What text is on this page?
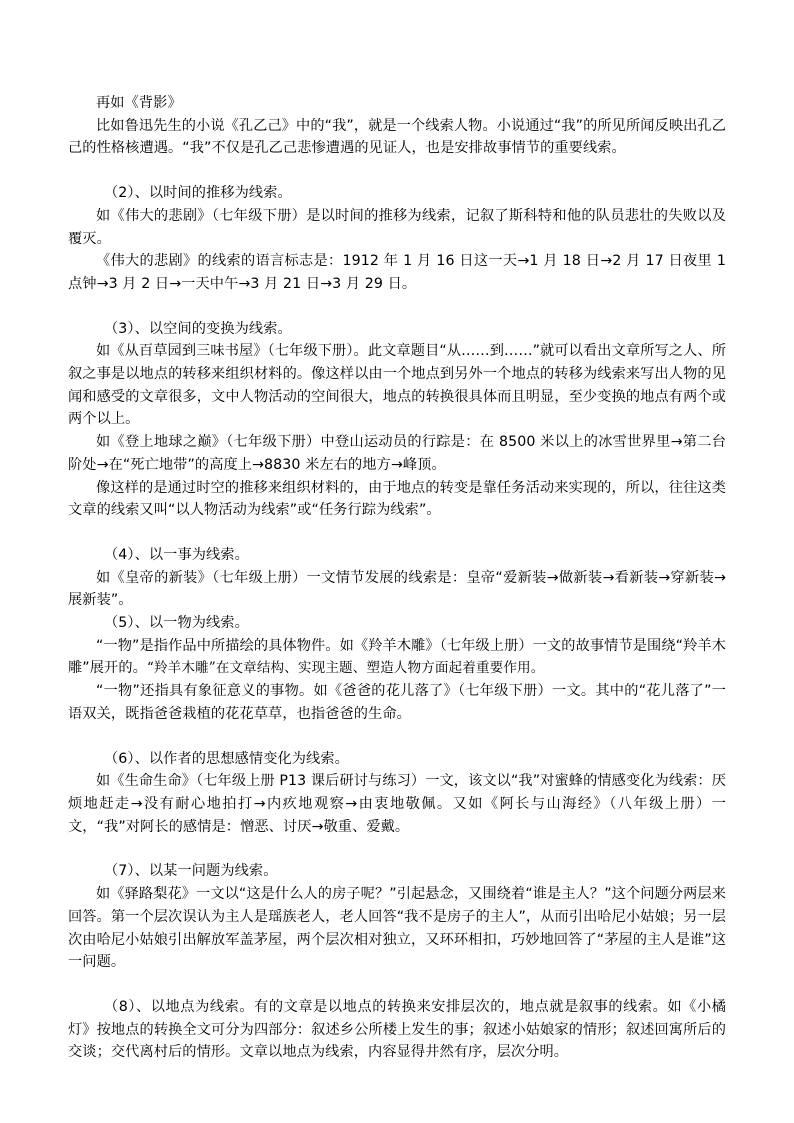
再如《背影》

比如鲁迅先生的小说《孔乙己》中的“我”，就是一个线索人物。小说通过“我”的所见所闻反映出孔乙己的性格核遭遇。“我”不仅是孔乙己悲惨遭遇的见证人，也是安排故事情节的重要线索。

（2）、以时间的推移为线索。

如《伟大的悲剧》（七年级下册）是以时间的推移为线索，记叙了斯科特和他的队员悲壮的失败以及覆灭。

《伟大的悲剧》的线索的语言标志是：1912 年 1 月 16 日这一天→1 月 18 日→2 月 17 日夜里 1 点钟→3 月 2 日→一天中午→3 月 21 日→3 月 29 日。

（3）、以空间的变换为线索。

如《从百草园到三味书屋》（七年级下册）。此文章题目“从……到……”就可以看出文章所写之人、所叙之事是以地点的转移来组织材料的。像这样以由一个地点到另外一个地点的转移为线索来写出人物的见闻和感受的文章很多，文中人物活动的空间很大，地点的转换很具体而且明显，至少变换的地点有两个或两个以上。

如《登上地球之巅》（七年级下册）中登山运动员的行踪是：在 8500 米以上的冰雪世界里→第二台阶处→在“死亡地带”的高度上→8830 米左右的地方→峰顶。

像这样的是通过时空的推移来组织材料的，由于地点的转变是靠任务活动来实现的，所以，往往这类文章的线索又叫“以人物活动为线索”或“任务行踪为线索”。

（4）、以一事为线索。

如《皇帝的新装》（七年级上册）一文情节发展的线索是：皇帝“爱新装→做新装→看新装→穿新装→展新装”。

（5）、以一物为线索。

“一物”是指作品中所描绘的具体物件。如《羚羊木雕》（七年级上册）一文的故事情节是围绕“羚羊木雕”展开的。“羚羊木雕”在文章结构、实现主题、塑造人物方面起着重要作用。

“一物”还指具有象征意义的事物。如《爸爸的花儿落了》（七年级下册）一文。其中的“花儿落了”一语双关，既指爸爸栽植的花花草草，也指爸爸的生命。

（6）、以作者的思想感情变化为线索。

如《生命生命》（七年级上册 P13 课后研讨与练习）一文，该文以“我”对蜜蜂的情感变化为线索：厌烦地赶走→没有耐心地拍打→内疚地观察→由衷地敬佩。又如《阿长与山海经》（八年级上册）一文，“我”对阿长的感情是：憎恶、讨厌→敬重、爱戴。

（7）、以某一问题为线索。

如《驿路梨花》一文以“这是什么人的房子呢？”引起悬念，又围绕着“谁是主人？”这个问题分两层来回答。第一个层次误认为主人是瑶族老人，老人回答“我不是房子的主人”，从而引出哈尼小姑娘；另一层次由哈尼小姑娘引出解放军盖茅屋，两个层次相对独立，又环环相扣，巧妙地回答了“茅屋的主人是谁”这一问题。

（8）、以地点为线索。有的文章是以地点的转换来安排层次的，地点就是叙事的线索。如《小橘灯》按地点的转换全文可分为四部分：叙述乡公所楼上发生的事；叙述小姑娘家的情形；叙述回寓所后的交谈；交代离村后的情形。文章以地点为线索，内容显得井然有序，层次分明。
